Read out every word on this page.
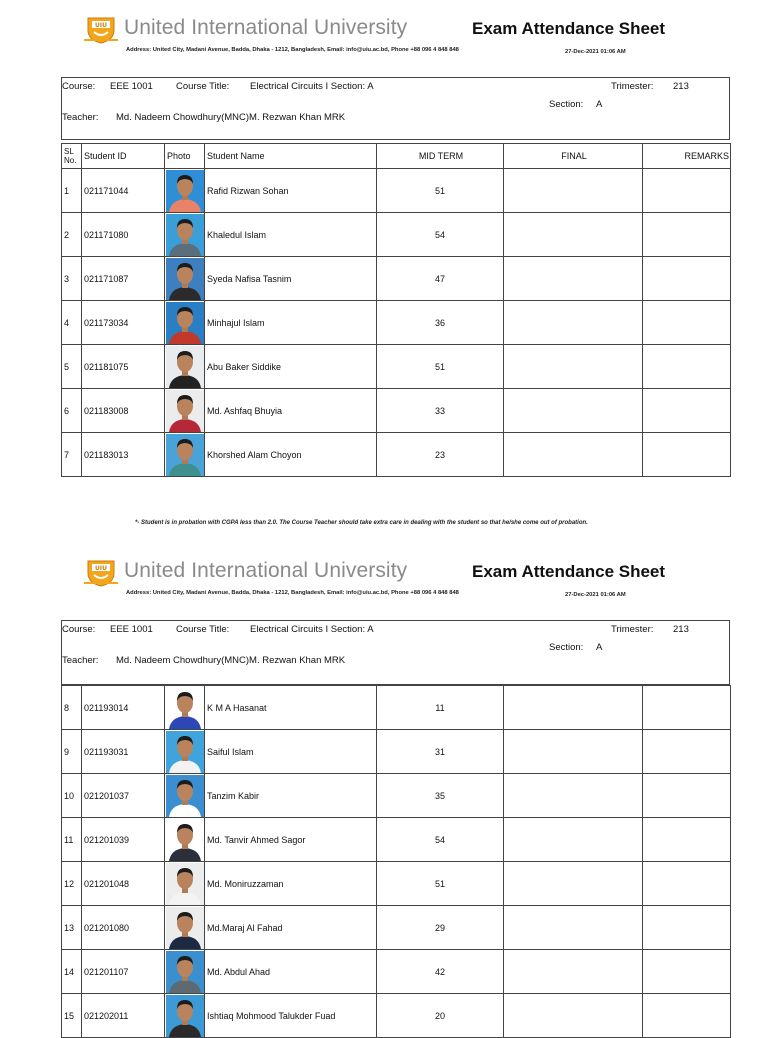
UIU United International University	Exam Attendance Sheet
Address: United City, Madani Avenue, Badda, Dhaka - 1212, Bangladesh, Email: info@uiu.ac.bd, Phone +88 096 4 848 848	27-Dec-2021 01:06 AM
Course: EEE 1001 Course Title: Electrical Circuits I Section: A	Trimester: 213
Section: A
Teacher: Md. Nadeem Chowdhury(MNC)M. Rezwan Khan MRK
SL No.	Student ID	Photo	Student Name	MID TERM	FINAL	REMARKS
1	021171044		Rafid Rizwan Sohan	51		
2	021171080		Khaledul Islam	54		
3	021171087		Syeda Nafisa Tasnim	47		
4	021173034		Minhajul Islam	36		
5	021181075		Abu Baker Siddike	51		
6	021183008		Md. Ashfaq Bhuyia	33		
7	021183013		Khorshed Alam Choyon	23		
*- Student is in probation with CGPA less than 2.0. The Course Teacher should take extra care in dealing with the student so that he/she come out of probation.
UIU United International University	Exam Attendance Sheet
Address: United City, Madani Avenue, Badda, Dhaka - 1212, Bangladesh, Email: info@uiu.ac.bd, Phone +88 096 4 848 848	27-Dec-2021 01:06 AM
Course: EEE 1001 Course Title: Electrical Circuits I Section: A	Trimester: 213
Section: A
Teacher: Md. Nadeem Chowdhury(MNC)M. Rezwan Khan MRK
8	021193014		K M A Hasanat	11		
9	021193031		Saiful Islam	31		
10	021201037		Tanzim Kabir	35		
11	021201039		Md. Tanvir Ahmed Sagor	54		
12	021201048		Md. Moniruzzaman	51		
13	021201080		Md.Maraj Al Fahad	29		
14	021201107		Md. Abdul Ahad	42		
15	021202011		Ishtiaq Mohmood Talukder Fuad	20		
